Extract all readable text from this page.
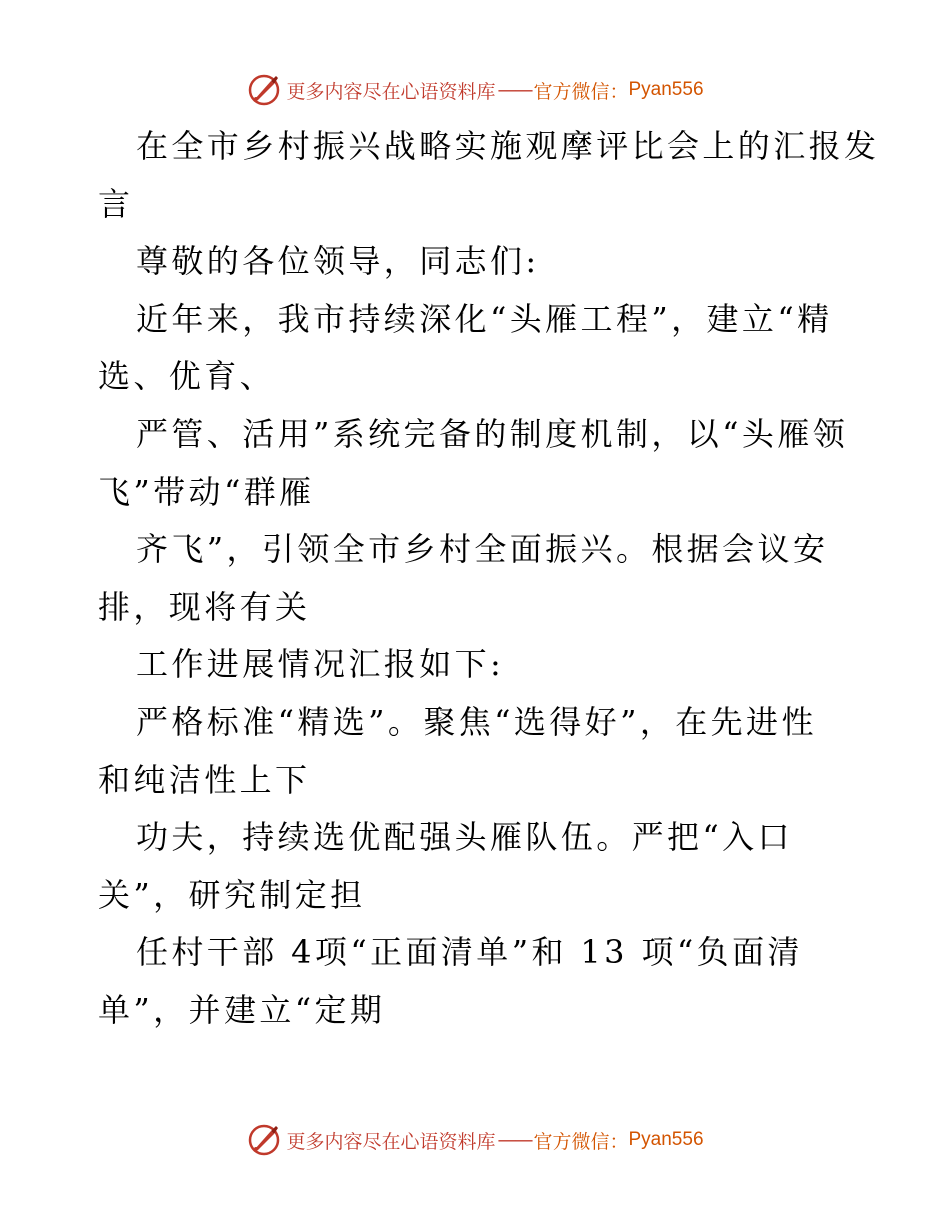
更多内容尽在心语资料库 —— 官方微信： Pyan556
在全市乡村振兴战略实施观摩评比会上的汇报发
言
尊敬的各位领导，同志们:
近年来，我市持续深化“头雁工程”，建立“精
选、优育、
严管、活用”系统完备的制度机制，以“头雁领
飞”带动“群雁
齐飞”，引领全市乡村全面振兴。根据会议安
排，现将有关
工作进展情况汇报如下:
严格标准“精选”。聚焦“选得好”，在先进性
和纯洁性上下
功夫，持续选优配强头雁队伍。严把“入口
关”，研究制定担
任村干部 4项“正面清单”和 13 项“负面清
单”，并建立“定期
更多内容尽在心语资料库 —— 官方微信： Pyan556
